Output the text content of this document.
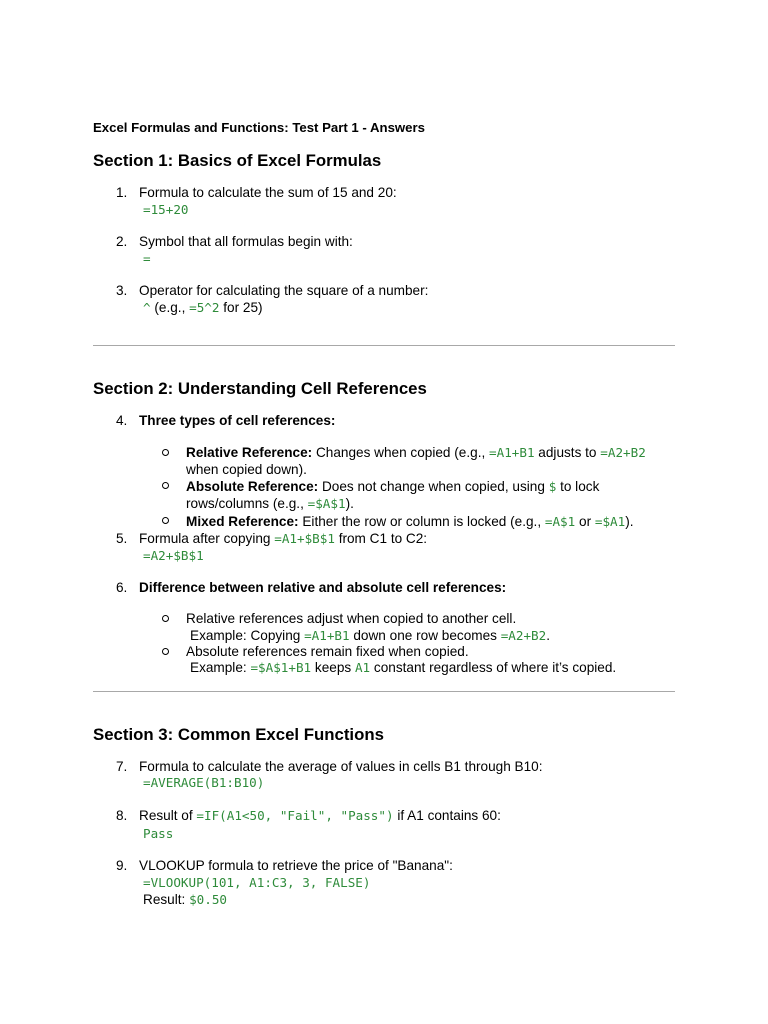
Excel Formulas and Functions: Test Part 1 - Answers
Section 1: Basics of Excel Formulas
1. Formula to calculate the sum of 15 and 20:
=15+20
2. Symbol that all formulas begin with:
=
3. Operator for calculating the square of a number:
^ (e.g., =5^2 for 25)
Section 2: Understanding Cell References
4. Three types of cell references:
Relative Reference: Changes when copied (e.g., =A1+B1 adjusts to =A2+B2
when copied down).
Absolute Reference: Does not change when copied, using $ to lock
rows/columns (e.g., =$A$1).
Mixed Reference: Either the row or column is locked (e.g., =A$1 or =$A1).
5. Formula after copying =A1+$B$1 from C1 to C2:
=A2+$B$1
6. Difference between relative and absolute cell references:
Relative references adjust when copied to another cell.
Example: Copying =A1+B1 down one row becomes =A2+B2.
Absolute references remain fixed when copied.
Example: =$A$1+B1 keeps A1 constant regardless of where it’s copied.
Section 3: Common Excel Functions
7. Formula to calculate the average of values in cells B1 through B10:
=AVERAGE(B1:B10)
8. Result of =IF(A1<50, "Fail", "Pass") if A1 contains 60:
Pass
9. VLOOKUP formula to retrieve the price of "Banana":
=VLOOKUP(101, A1:C3, 3, FALSE)
Result: $0.50
